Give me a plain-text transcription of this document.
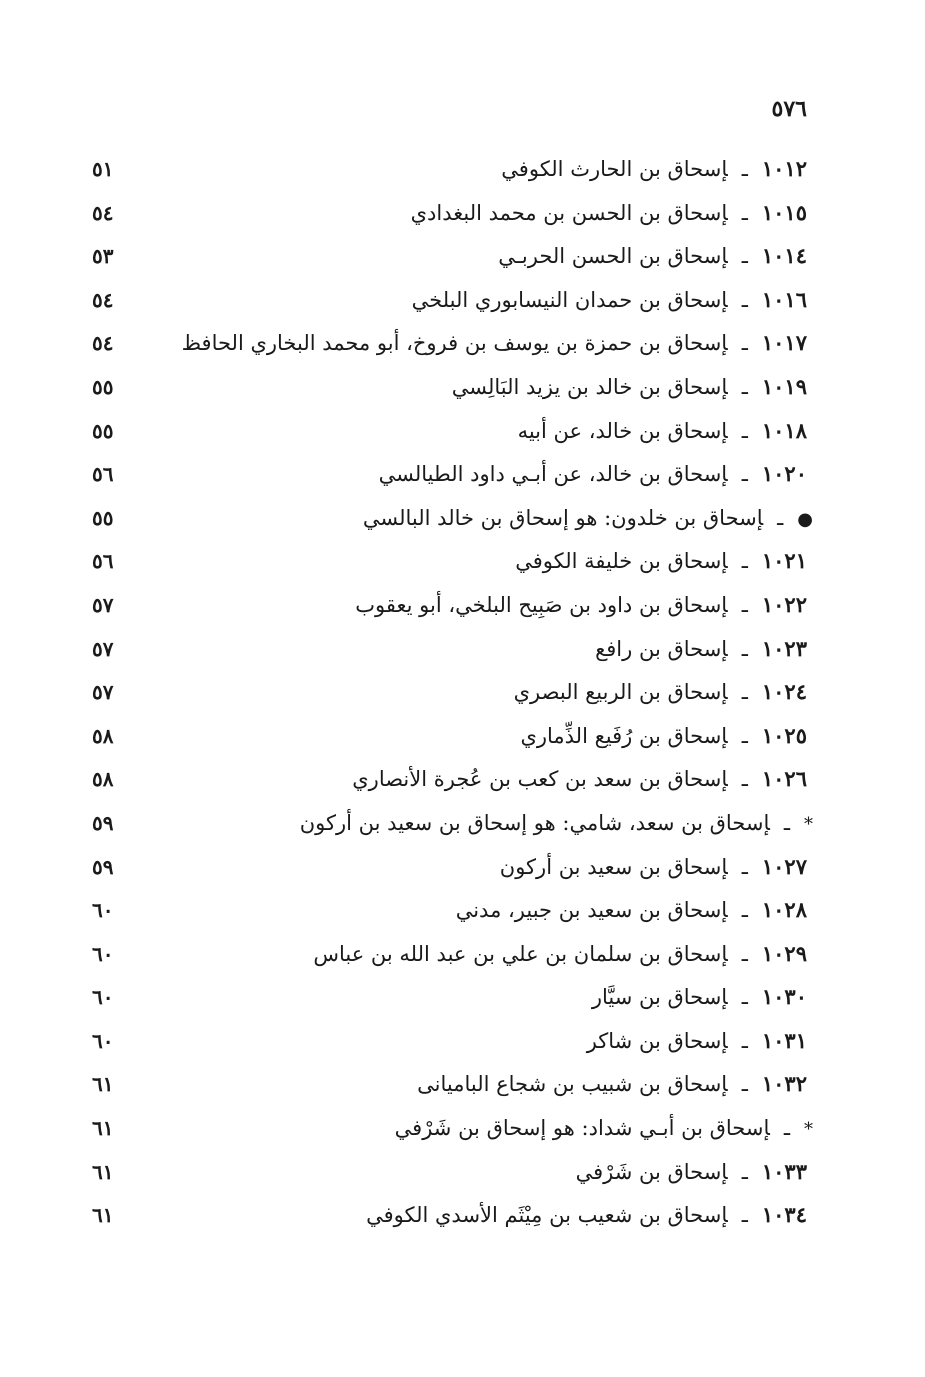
٥٧٦
١٠١٢ـإسحاق بن الحارث الكوفي
٥١
١٠١٥ـإسحاق بن الحسن بن محمد البغدادي
٥٤
١٠١٤ـإسحاق بن الحسن الحربـي
٥٣
١٠١٦ـإسحاق بن حمدان النيسابوري البلخي
٥٤
١٠١٧ـإسحاق بن حمزة بن يوسف بن فروخ، أبو محمد البخاري الحافظ
٥٤
١٠١٩ـإسحاق بن خالد بن يزيد البَالِسي
٥٥
١٠١٨ـإسحاق بن خالد، عن أبيه
٥٥
١٠٢٠ـإسحاق بن خالد، عن أبـي داود الطيالسي
٥٦
●ـإسحاق بن خلدون: هو إسحاق بن خالد البالسي
٥٥
١٠٢١ـإسحاق بن خليفة الكوفي
٥٦
١٠٢٢ـإسحاق بن داود بن صَبِيح البلخي، أبو يعقوب
٥٧
١٠٢٣ـإسحاق بن رافع
٥٧
١٠٢٤ـإسحاق بن الربيع البصري
٥٧
١٠٢٥ـإسحاق بن رُفَيع الذِّماري
٥٨
١٠٢٦ـإسحاق بن سعد بن كعب بن عُجرة الأنصاري
٥٨
*ـإسحاق بن سعد، شامي: هو إسحاق بن سعيد بن أركون
٥٩
١٠٢٧ـإسحاق بن سعيد بن أركون
٥٩
١٠٢٨ـإسحاق بن سعيد بن جبير، مدني
٦٠
١٠٢٩ـإسحاق بن سلمان بن علي بن عبد الله بن عباس
٦٠
١٠٣٠ـإسحاق بن سيَّار
٦٠
١٠٣١ـإسحاق بن شاكر
٦٠
١٠٣٢ـإسحاق بن شبيب بن شجاع الباميانى
٦١
*ـإسحاق بن أبـي شداد: هو إسحاق بن شَرْفي
٦١
١٠٣٣ـإسحاق بن شَرْفي
٦١
١٠٣٤ـإسحاق بن شعيب بن مِيْثَم الأسدي الكوفي
٦١
